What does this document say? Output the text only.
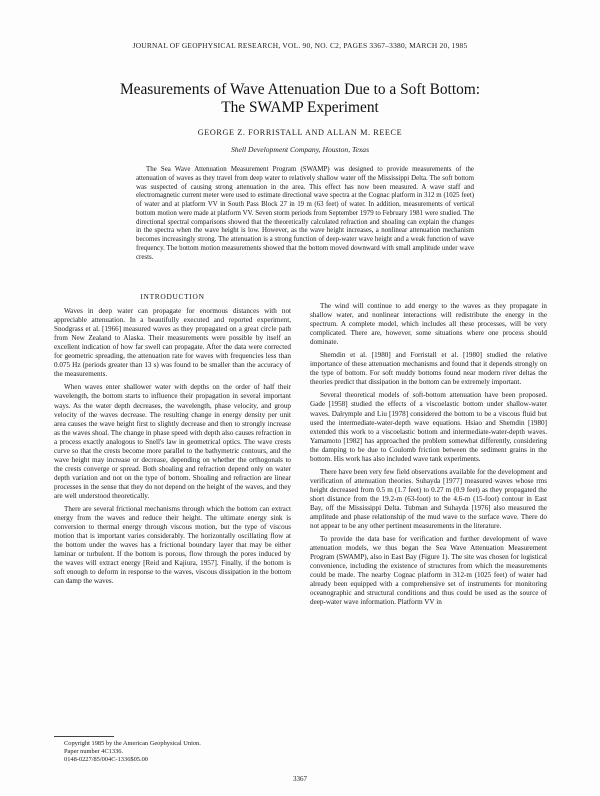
JOURNAL OF GEOPHYSICAL RESEARCH, VOL. 90, NO. C2, PAGES 3367–3380, MARCH 20, 1985
Measurements of Wave Attenuation Due to a Soft Bottom:
The SWAMP Experiment
GEORGE Z. FORRISTALL AND ALLAN M. REECE
Shell Development Company, Houston, Texas
The Sea Wave Attenuation Measurement Program (SWAMP) was designed to provide measurements of the attenuation of waves as they travel from deep water to relatively shallow water off the Mississippi Delta. The soft bottom was suspected of causing strong attenuation in the area. This effect has now been measured. A wave staff and electromagnetic current meter were used to estimate directional wave spectra at the Cognac platform in 312 m (1025 feet) of water and at platform VV in South Pass Block 27 in 19 m (63 feet) of water. In addition, measurements of vertical bottom motion were made at platform VV. Seven storm periods from September 1979 to February 1981 were studied. The directional spectral comparisons showed that the theoretically calculated refraction and shoaling can explain the changes in the spectra when the wave height is low. However, as the wave height increases, a nonlinear attenuation mechanism becomes increasingly strong. The attenuation is a strong function of deep-water wave height and a weak function of wave frequency. The bottom motion measurements showed that the bottom moved downward with small amplitude under wave crests.
INTRODUCTION

Waves in deep water can propagate for enormous distances with not appreciable attenuation. In a beautifully executed and reported experiment, Snodgrass et al. [1966] measured waves as they propagated on a great circle path from New Zealand to Alaska. Their measurements were possible by itself an excellent indication of how far swell can propagate. After the data were corrected for geometric spreading, the attenuation rate for waves with frequencies less than 0.075 Hz (periods greater than 13 s) was found to be smaller than the accuracy of the measurements.

When waves enter shallower water with depths on the order of half their wavelength, the bottom starts to influence their propagation in several important ways. As the water depth decreases, the wavelength, phase velocity, and group velocity of the waves decrease. The resulting change in energy density per unit area causes the wave height first to slightly decrease and then to strongly increase as the waves shoal. The change in phase speed with depth also causes refraction in a process exactly analogous to Snell's law in geometrical optics. The wave crests curve so that the crests become more parallel to the bathymetric contours, and the wave height may increase or decrease, depending on whether the orthogonals to the crests converge or spread. Both shoaling and refraction depend only on water depth variation and not on the type of bottom. Shoaling and refraction are linear processes in the sense that they do not depend on the height of the waves, and they are well understood theoretically.

There are several frictional mechanisms through which the bottom can extract energy from the waves and reduce their height. The ultimate energy sink is conversion to thermal energy through viscous motion, but the type of viscous motion that is important varies considerably. The horizontally oscillating flow at the bottom under the waves has a frictional boundary layer that may be either laminar or turbulent. If the bottom is porous, flow through the pores induced by the waves will extract energy [Reid and Kajiura, 1957]. Finally, if the bottom is soft enough to deform in response to the waves, viscous dissipation in the bottom can damp the waves.

Copyright 1985 by the American Geophysical Union.
Paper number 4C1336.
0148-0227/85/004C-1336$05.00

The wind will continue to add energy to the waves as they propagate in shallow water, and nonlinear interactions will redistribute the energy in the spectrum. A complete model, which includes all these processes, will be very complicated. There are, however, some situations where one process should dominate.

Shemdin et al. [1980] and Forristall et al. [1980] studied the relative importance of these attenuation mechanisms and found that it depends strongly on the type of bottom. For soft muddy bottoms found near modern river deltas the theories predict that dissipation in the bottom can be extremely important.

Several theoretical models of soft-bottom attenuation have been proposed. Gade [1958] studied the effects of a viscoelastic bottom under shallow-water waves. Dalrymple and Liu [1978] considered the bottom to be a viscous fluid but used the intermediate-water-depth wave equations. Hsiao and Shemdin [1980] extended this work to a viscoelastic bottom and intermediate-water-depth waves. Yamamoto [1982] has approached the problem somewhat differently, considering the damping to be due to Coulomb friction between the sediment grains in the bottom. His work has also included wave tank experiments.

There have been very few field observations available for the development and verification of attenuation theories. Suhayda [1977] measured waves whose rms height decreased from 0.5 m (1.7 feet) to 0.27 m (0.9 feet) as they propagated the short distance from the 19.2-m (63-foot) to the 4.6-m (15-foot) contour in East Bay, off the Mississippi Delta. Tubman and Suhayda [1976] also measured the amplitude and phase relationship of the mud wave to the surface wave. There do not appear to be any other pertinent measurements in the literature.

To provide the data base for verification and further development of wave attenuation models, we thus began the Sea Wave Attenuation Measurement Program (SWAMP), also in East Bay (Figure 1). The site was chosen for logistical convenience, including the existence of structures from which the measurements could be made. The nearby Cognac platform in 312-m (1025 feet) of water had already been equipped with a comprehensive set of instruments for monitoring oceanographic and structural conditions and thus could be used as the source of deep-water wave information. Platform VV in

3367
